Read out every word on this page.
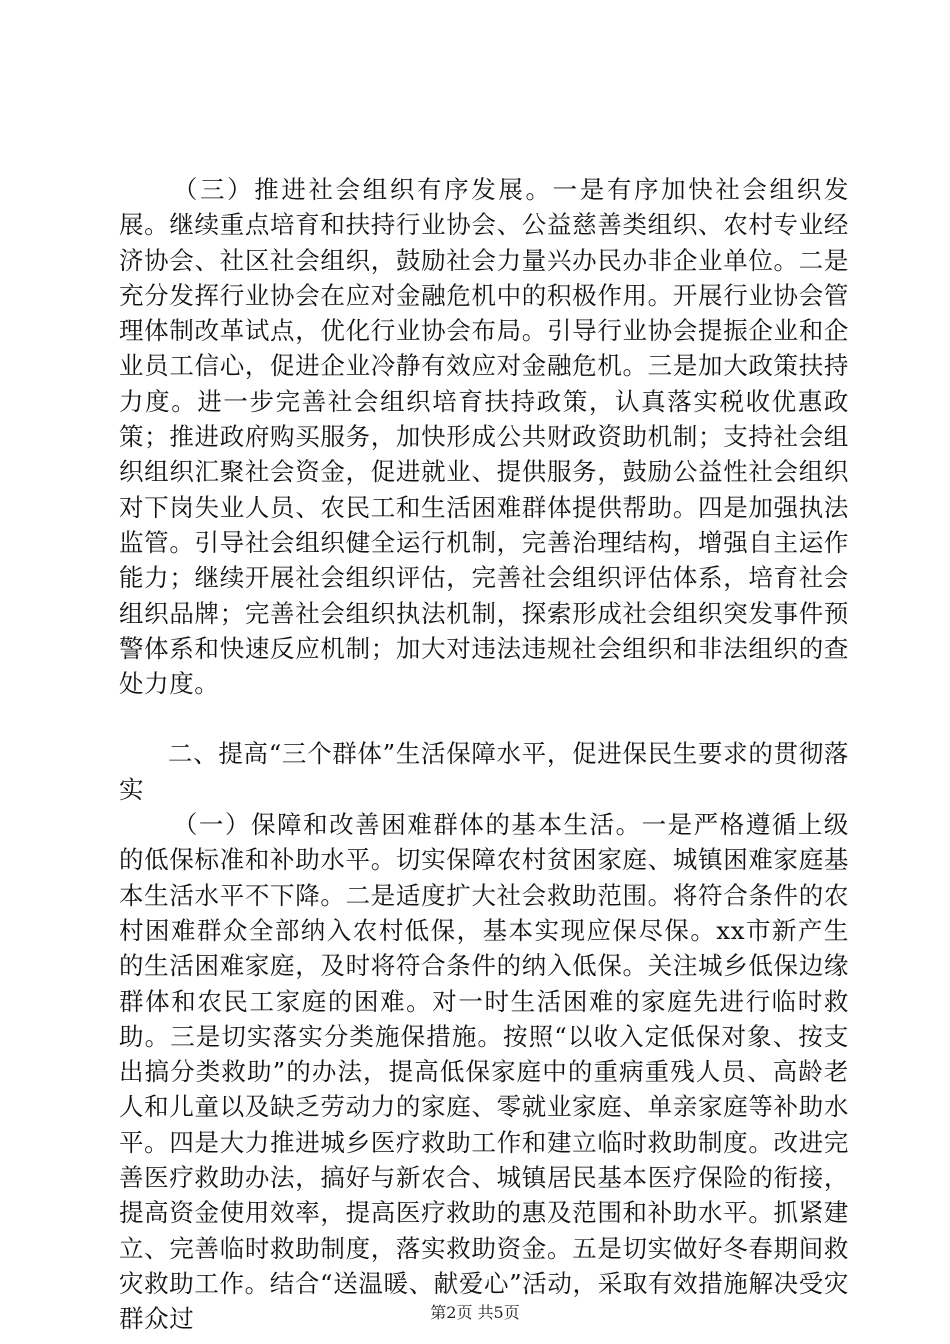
（三）推进社会组织有序发展。一是有序加快社会组织发展。继续重点培育和扶持行业协会、公益慈善类组织、农村专业经济协会、社区社会组织，鼓励社会力量兴办民办非企业单位。二是充分发挥行业协会在应对金融危机中的积极作用。开展行业协会管理体制改革试点，优化行业协会布局。引导行业协会提振企业和企业员工信心，促进企业冷静有效应对金融危机。三是加大政策扶持力度。进一步完善社会组织培育扶持政策，认真落实税收优惠政策；推进政府购买服务，加快形成公共财政资助机制；支持社会组织组织汇聚社会资金，促进就业、提供服务，鼓励公益性社会组织对下岗失业人员、农民工和生活困难群体提供帮助。四是加强执法监管。引导社会组织健全运行机制，完善治理结构，增强自主运作能力；继续开展社会组织评估，完善社会组织评估体系，培育社会组织品牌；完善社会组织执法机制，探索形成社会组织突发事件预警体系和快速反应机制；加大对违法违规社会组织和非法组织的查处力度。

二、提高“三个群体”生活保障水平，促进保民生要求的贯彻落实

（一）保障和改善困难群体的基本生活。一是严格遵循上级的低保标准和补助水平。切实保障农村贫困家庭、城镇困难家庭基本生活水平不下降。二是适度扩大社会救助范围。将符合条件的农村困难群众全部纳入农村低保，基本实现应保尽保。xx市新产生的生活困难家庭，及时将符合条件的纳入低保。关注城乡低保边缘群体和农民工家庭的困难。对一时生活困难的家庭先进行临时救助。三是切实落实分类施保措施。按照“以收入定低保对象、按支出搞分类救助”的办法，提高低保家庭中的重病重残人员、高龄老人和儿童以及缺乏劳动力的家庭、零就业家庭、单亲家庭等补助水平。四是大力推进城乡医疗救助工作和建立临时救助制度。改进完善医疗救助办法，搞好与新农合、城镇居民基本医疗保险的衔接，提高资金使用效率，提高医疗救助的惠及范围和补助水平。抓紧建立、完善临时救助制度，落实救助资金。五是切实做好冬春期间救灾救助工作。结合“送温暖、献爱心”活动，采取有效措施解决受灾群众过	第2页 共5页
